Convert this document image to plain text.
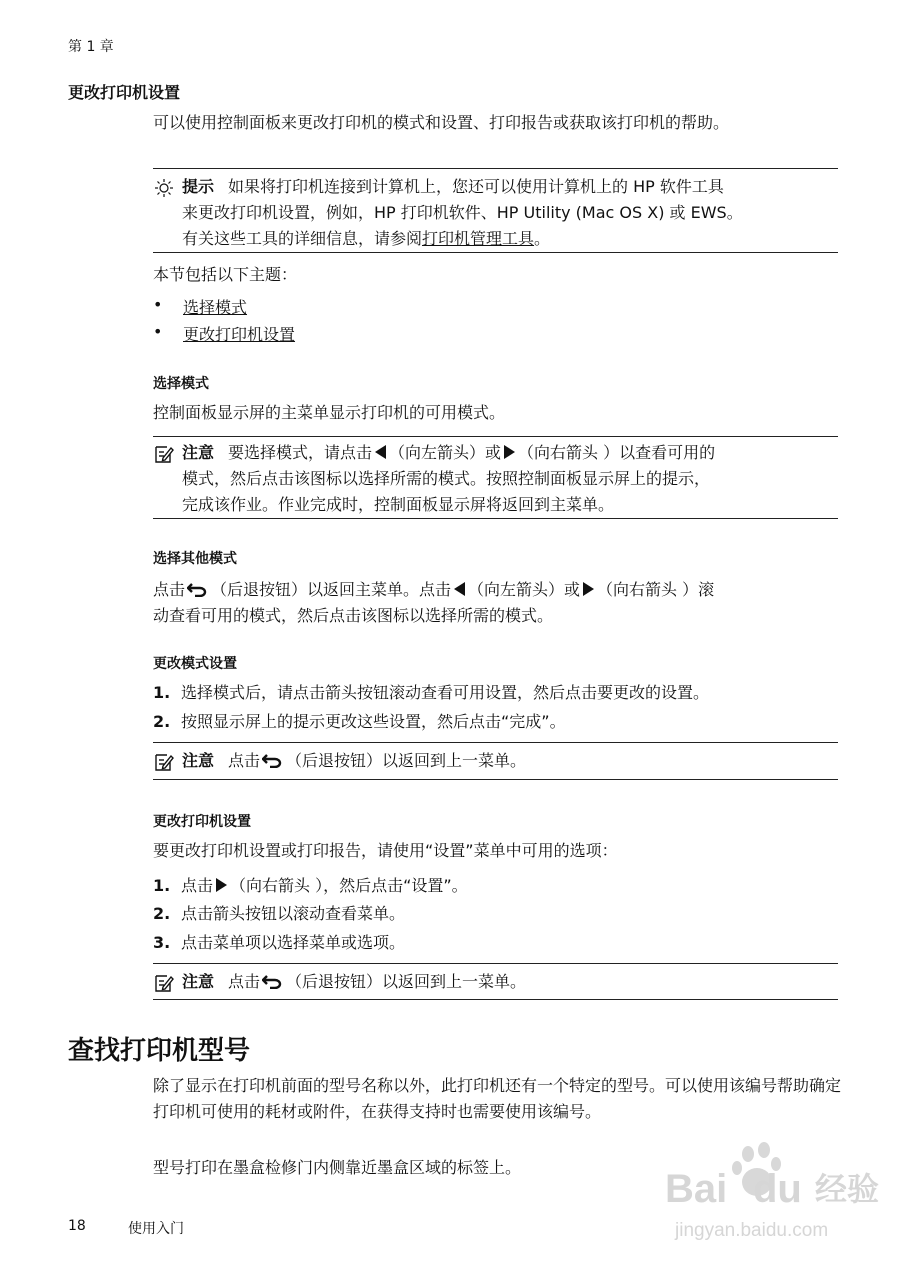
第 1 章
更改打印机设置
可以使用控制面板来更改打印机的模式和设置、打印报告或获取该打印机的帮助。
提示 如果将打印机连接到计算机上，您还可以使用计算机上的 HP 软件工具
来更改打印机设置，例如，HP 打印机软件、HP Utility (Mac OS X) 或 EWS。
有关这些工具的详细信息，请参阅打印机管理工具。
本节包括以下主题：
• 选择模式
• 更改打印机设置
选择模式
控制面板显示屏的主菜单显示打印机的可用模式。
注意 要选择模式，请点击 （向左箭头）或 （向右箭头 ）以查看可用的
模式，然后点击该图标以选择所需的模式。按照控制面板显示屏上的提示，
完成该作业。作业完成时，控制面板显示屏将返回到主菜单。
选择其他模式
点击 （后退按钮）以返回主菜单。点击 （向左箭头）或 （向右箭头 ）滚
动查看可用的模式，然后点击该图标以选择所需的模式。
更改模式设置
1. 选择模式后，请点击箭头按钮滚动查看可用设置，然后点击要更改的设置。
2. 按照显示屏上的提示更改这些设置，然后点击“完成”。
注意 点击 （后退按钮）以返回到上一菜单。
更改打印机设置
要更改打印机设置或打印报告，请使用“设置”菜单中可用的选项：
1. 点击 （向右箭头 ），然后点击“设置”。
2. 点击箭头按钮以滚动查看菜单。
3. 点击菜单项以选择菜单或选项。
注意 点击 （后退按钮）以返回到上一菜单。
查找打印机型号
除了显示在打印机前面的型号名称以外，此打印机还有一个特定的型号。可以使用该编号帮助确定打印机可使用的耗材或附件，在获得支持时也需要使用该编号。
型号打印在墨盒检修门内侧靠近墨盒区域的标签上。	Bai du 经验
jingyan.baidu.com
18	使用入门
